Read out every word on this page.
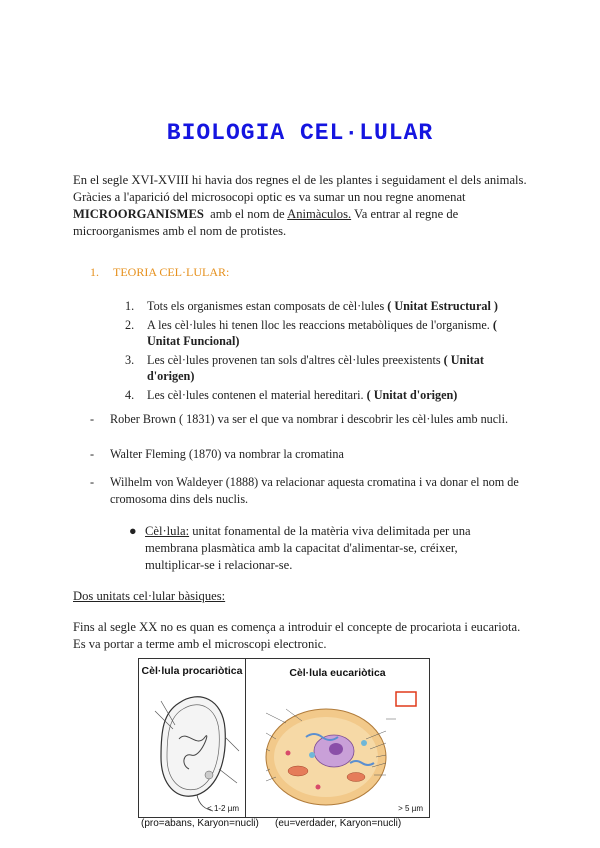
BIOLOGIA CEL·LULAR
En el segle XVI-XVIII hi havia dos regnes el de les plantes i seguidament el dels animals.
Gràcies a l'aparició del microsocopi optic es va sumar un nou regne anomenat
MICROORGANISMES  amb el nom de Animàculos. Va entrar al regne de
microorganismes amb el nom de protistes.
1. TEORIA CEL·LULAR:
1.	Tots els organismes estan composats de cèl·lules ( Unitat Estructural )
2.	A les cèl·lules hi tenen lloc les reaccions metabòliques de l'organisme. ( Unitat Funcional)
3.	Les cèl·lules provenen tan sols d'altres cèl·lules preexistents ( Unitat d'origen)
4.	Les cèl·lules contenen el material hereditari. ( Unitat d'origen)
-	Rober Brown ( 1831) va ser el que va nombrar i descobrir les cèl·lules amb nucli.
-	Walter Fleming (1870) va nombrar la cromatina
-	Wilhelm von Waldeyer (1888) va relacionar aquesta cromatina i va donar el nom de cromosoma dins dels nuclis.
● Cèl·lula: unitat fonamental de la matèria viva delimitada per una membrana plasmàtica amb la capacitat d'alimentar-se, créixer, multiplicar-se i relacionar-se.
Dos unitats cel·lular bàsiques:
Fins al segle XX no es quan es comença a introduir el concepte de procariota i eucariota. Es va portar a terme amb el microscopi electronic.
Cèl·lula procariòtica
< 1-2 µm
Cèl·lula eucariòtica
> 5 µm
(pro=abans, Karyon=nucli) (eu=verdader, Karyon=nucli)
